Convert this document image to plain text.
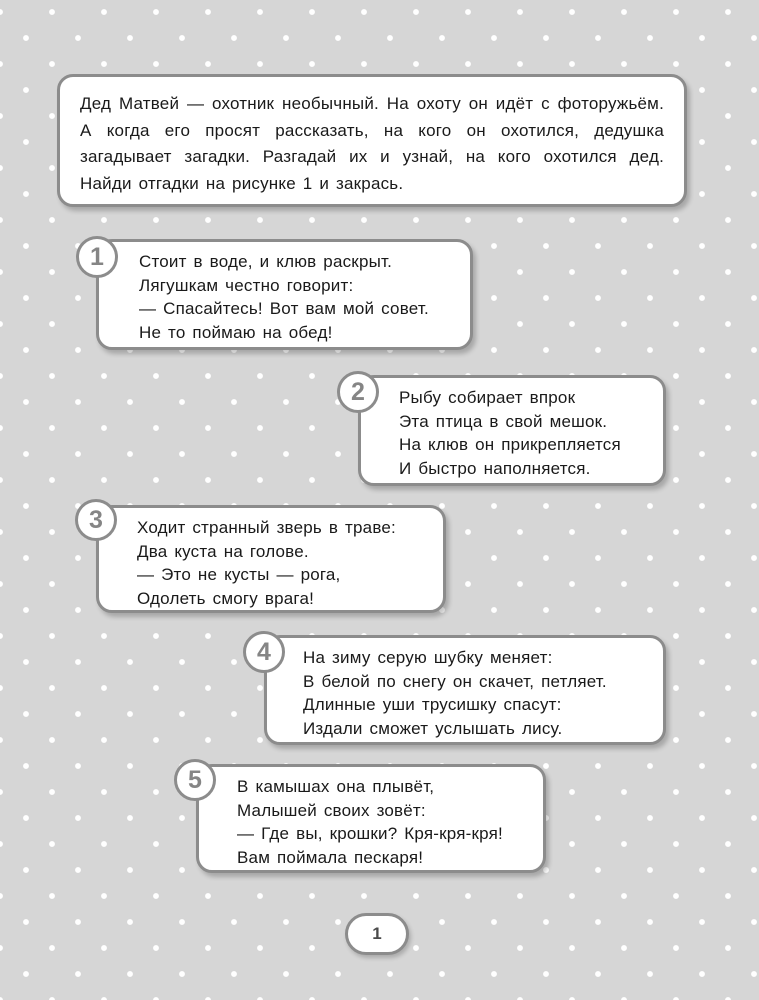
Дед Матвей — охотник необычный. На охоту он идёт с фоторужьём. А когда его просят рассказать, на кого он охотился, дедушка загадывает загадки. Разгадай их и узнай, на кого охотился дед. Найди отгадки на рисунке 1 и закрась.
Стоит в воде, и клюв раскрыт.
Лягушкам честно говорит:
— Спасайтесь! Вот вам мой совет.
Не то поймаю на обед!
1
Рыбу собирает впрок
Эта птица в свой мешок.
На клюв он прикрепляется
И быстро наполняется.
2
Ходит странный зверь в траве:
Два куста на голове.
— Это не кусты — рога,
Одолеть смогу врага!
3
На зиму серую шубку меняет:
В белой по снегу он скачет, петляет.
Длинные уши трусишку спасут:
Издали сможет услышать лису.
4
В камышах она плывёт,
Малышей своих зовёт:
— Где вы, крошки? Кря-кря-кря!
Вам поймала пескаря!
5
1
